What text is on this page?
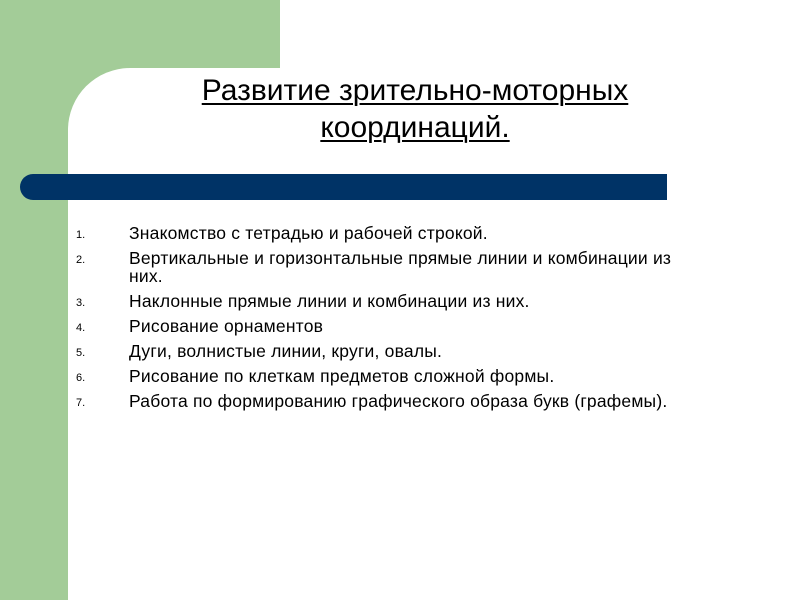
Развитие зрительно-моторных координаций.
1.	Знакомство с тетрадью и рабочей строкой.
2.	Вертикальные и горизонтальные прямые линии и комбинации из них.
3.	Наклонные прямые линии и комбинации из них.
4.	Рисование орнаментов
5.	Дуги, волнистые линии, круги, овалы.
6.	Рисование по клеткам предметов сложной формы.
7.	Работа по формированию графического образа букв (графемы).
